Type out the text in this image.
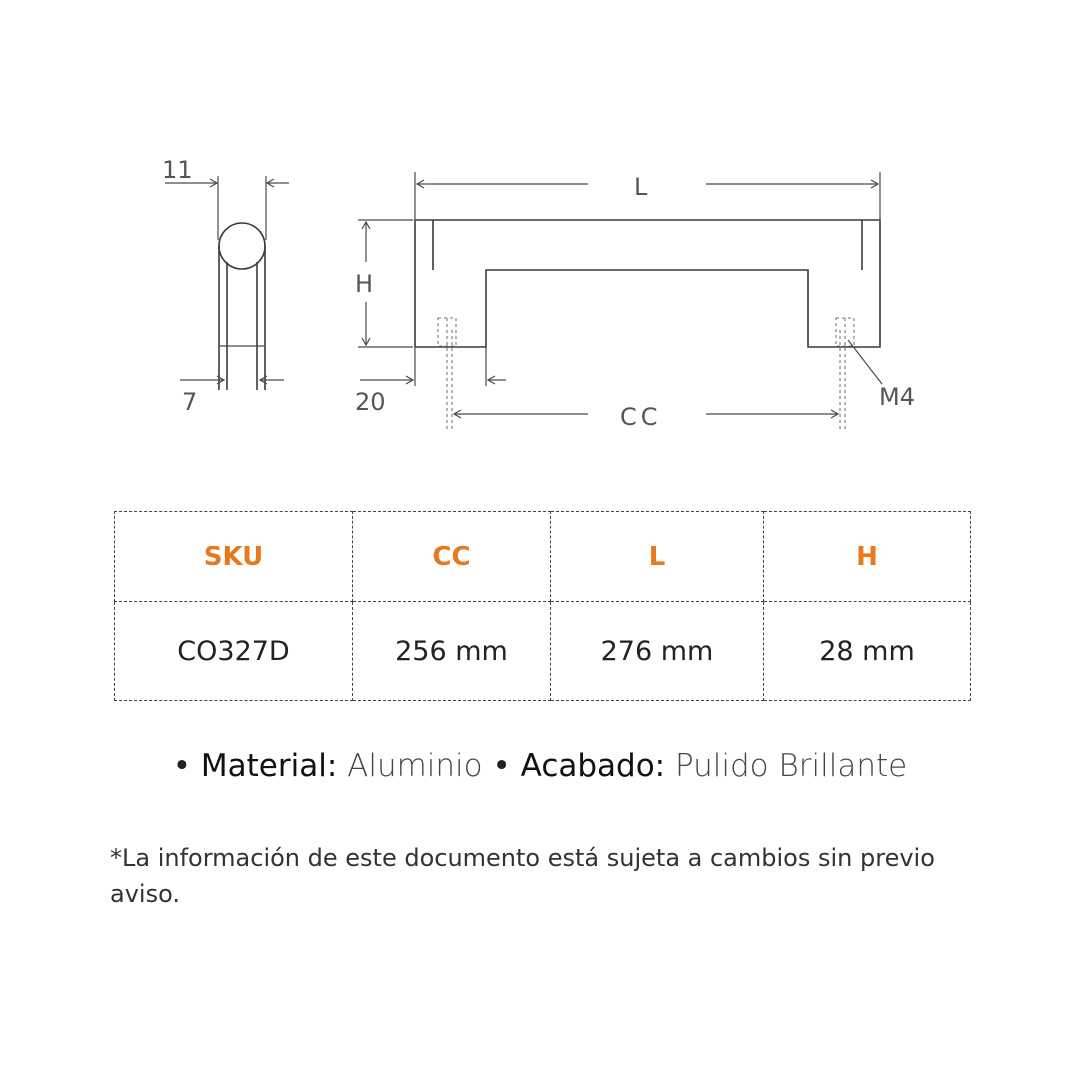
11
7
L
H
20
CC
M4
SKU	CC	L	H
CO327D	256 mm	276 mm	28 mm
• Material: Aluminio • Acabado: Pulido Brillante
*La información de este documento está sujeta a cambios sin previo aviso.
